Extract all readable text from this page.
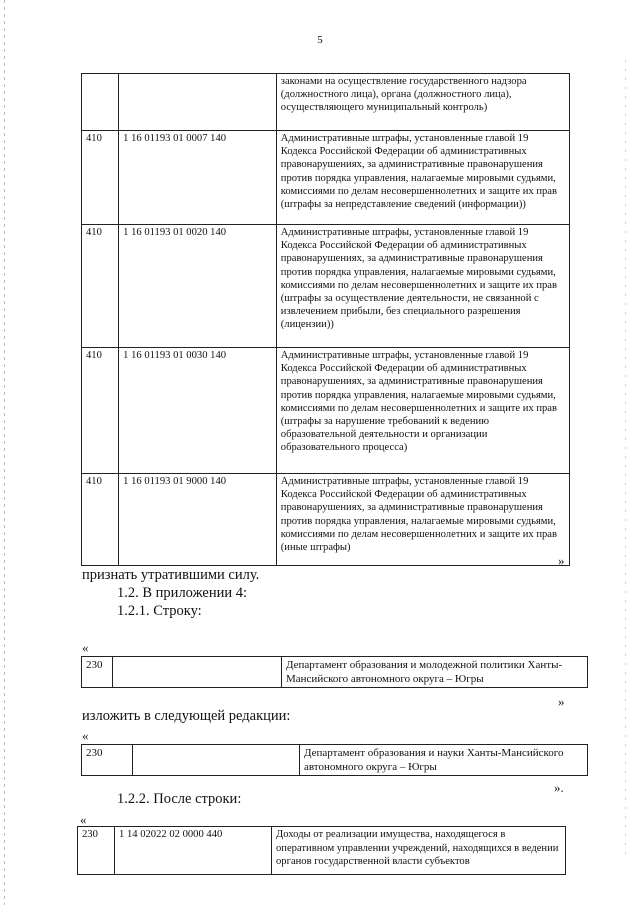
5
		законами на осуществление государственного надзора (должностного лица), органа (должностного лица), осуществляющего муниципальный контроль)
410	1 16 01193 01 0007 140	Административные штрафы, установленные главой 19 Кодекса Российской Федерации об административных правонарушениях, за административные правонарушения против порядка управления, налагаемые мировыми судьями, комиссиями по делам несовершеннолетних и защите их прав (штрафы за непредставление сведений (информации))
410	1 16 01193 01 0020 140	Административные штрафы, установленные главой 19 Кодекса Российской Федерации об административных правонарушениях, за административные правонарушения против порядка управления, налагаемые мировыми судьями, комиссиями по делам несовершеннолетних и защите их прав (штрафы за осуществление деятельности, не связанной с извлечением прибыли, без специального разрешения (лицензии))
410	1 16 01193 01 0030 140	Административные штрафы, установленные главой 19 Кодекса Российской Федерации об административных правонарушениях, за административные правонарушения против порядка управления, налагаемые мировыми судьями, комиссиями по делам несовершеннолетних и защите их прав (штрафы за нарушение требований к ведению образовательной деятельности и организации образовательного процесса)
410	1 16 01193 01 9000 140	Административные штрафы, установленные главой 19 Кодекса Российской Федерации об административных правонарушениях, за административные правонарушения против порядка управления, налагаемые мировыми судьями, комиссиями по делам несовершеннолетних и защите их прав (иные штрафы)
»
признать утратившими силу.
1.2. В приложении 4:
1.2.1. Строку:
«
230		Департамент образования и молодежной политики Ханты-Мансийского автономного округа – Югры
»
изложить в следующей редакции:
«
230		Департамент образования и науки Ханты-Мансийского автономного округа – Югры
».
1.2.2. После строки:
«
230	1 14 02022 02 0000 440	Доходы от реализации имущества, находящегося в оперативном управлении учреждений, находящихся в ведении органов государственной власти субъектов
